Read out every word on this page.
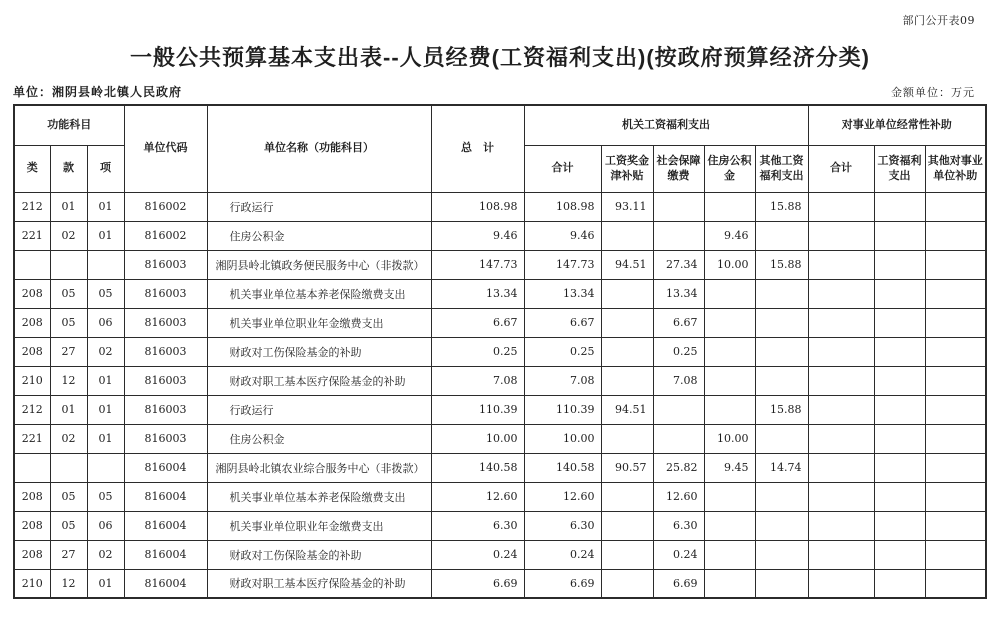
部门公开表09
一般公共预算基本支出表--人员经费(工资福利支出)(按政府预算经济分类)
单位：湘阴县岭北镇人民政府	金额单位：万元
功能科目			单位代码	单位名称（功能科目）	总　计	机关工资福利支出					对事业单位经常性补助		
类	款	项				合计	工资奖金津补贴	社会保障缴费	住房公积金	其他工资福利支出	合计	工资福利支出	其他对事业单位补助
212	01	01	816002	行政运行	108.98	108.98	93.11			15.88			
221	02	01	816002	住房公积金	9.46	9.46			9.46				
			816003	湘阴县岭北镇政务便民服务中心（非拨款）	147.73	147.73	94.51	27.34	10.00	15.88			
208	05	05	816003	机关事业单位基本养老保险缴费支出	13.34	13.34		13.34					
208	05	06	816003	机关事业单位职业年金缴费支出	6.67	6.67		6.67					
208	27	02	816003	财政对工伤保险基金的补助	0.25	0.25		0.25					
210	12	01	816003	财政对职工基本医疗保险基金的补助	7.08	7.08		7.08					
212	01	01	816003	行政运行	110.39	110.39	94.51			15.88			
221	02	01	816003	住房公积金	10.00	10.00			10.00				
			816004	湘阴县岭北镇农业综合服务中心（非拨款）	140.58	140.58	90.57	25.82	9.45	14.74			
208	05	05	816004	机关事业单位基本养老保险缴费支出	12.60	12.60		12.60					
208	05	06	816004	机关事业单位职业年金缴费支出	6.30	6.30		6.30					
208	27	02	816004	财政对工伤保险基金的补助	0.24	0.24		0.24					
210	12	01	816004	财政对职工基本医疗保险基金的补助	6.69	6.69		6.69					
